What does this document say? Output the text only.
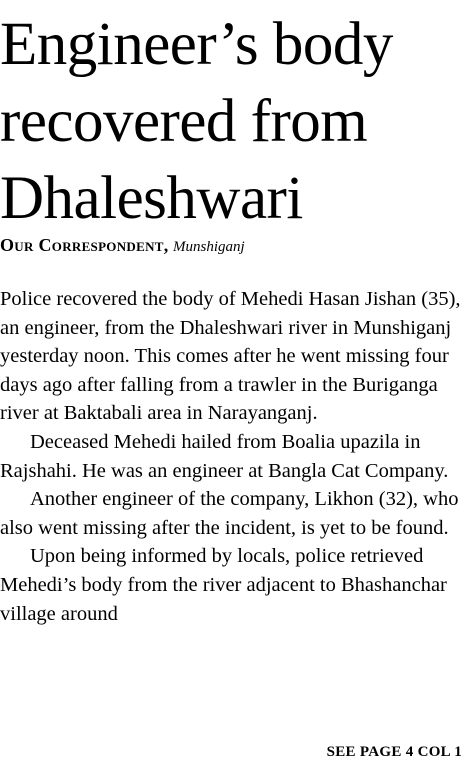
Engineer’s body
recovered from
Dhaleshwari
Our Correspondent, Munshiganj

Police recovered the body of Mehedi Hasan Jishan (35), an engineer, from the Dhaleshwari river in Munshiganj yesterday noon. This comes after he went missing four days ago after falling from a trawler in the Buriganga river at Baktabali area in Narayanganj.

Deceased Mehedi hailed from Boalia upazila in Rajshahi. He was an engineer at Bangla Cat Company.

Another engineer of the company, Likhon (32), who also went missing after the incident, is yet to be found.

Upon being informed by locals, police retrieved Mehedi’s body from the river adjacent to Bhashanchar village around

SEE PAGE 4 COL 1
